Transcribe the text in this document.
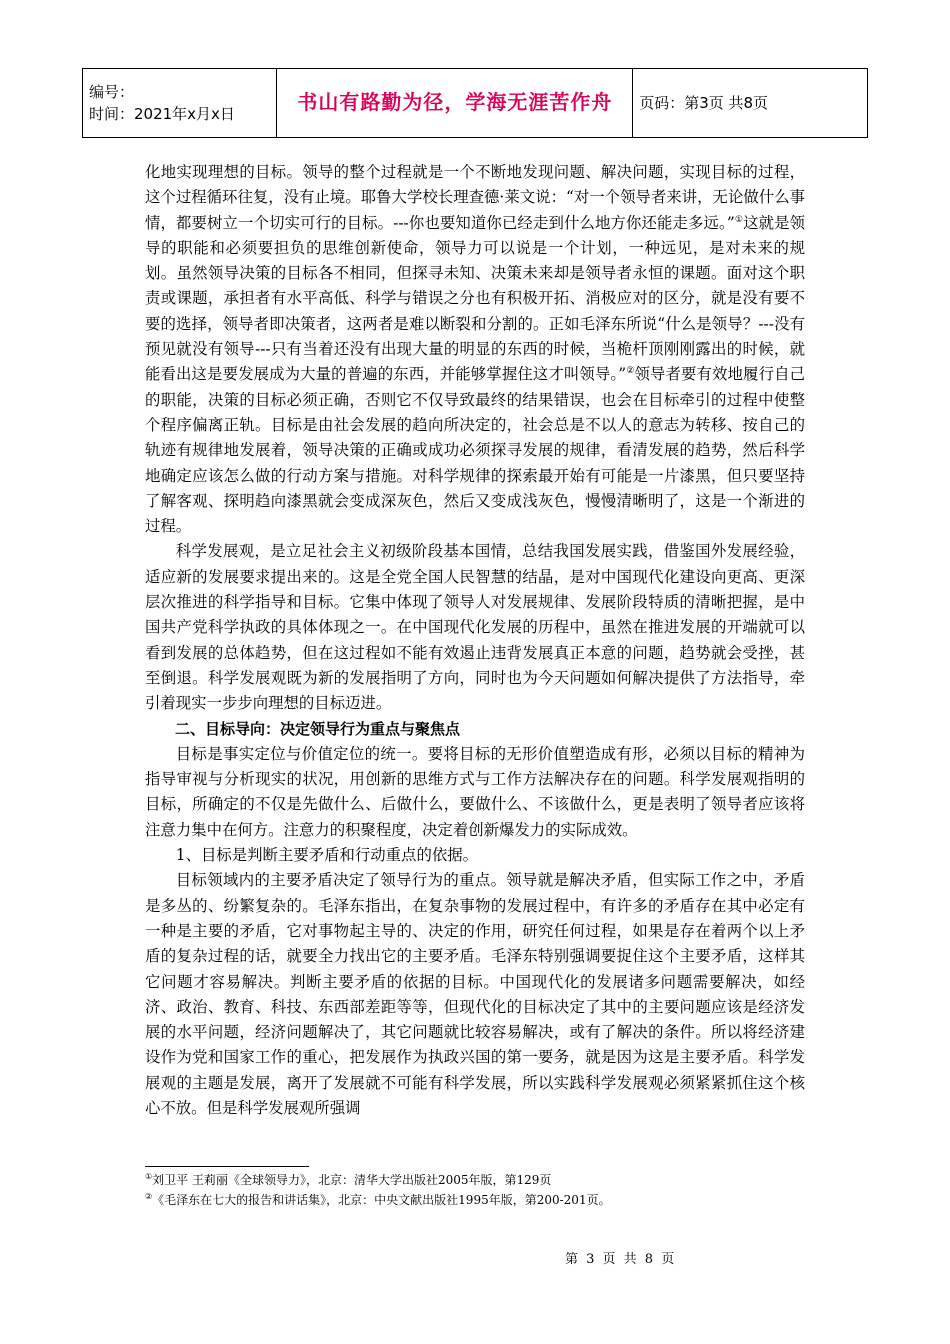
编号：
时间：2021年x月x日	书山有路勤为径，学海无涯苦作舟	页码：第3页 共8页

化地实现理想的目标。领导的整个过程就是一个不断地发现问题、解决问题，实现目标的过程，这个过程循环往复，没有止境。耶鲁大学校长理查德·莱文说：“对一个领导者来讲，无论做什么事情，都要树立一个切实可行的目标。---你也要知道你已经走到什么地方你还能走多远。”①这就是领导的职能和必须要担负的思维创新使命，领导力可以说是一个计划，一种远见，是对未来的规划。虽然领导决策的目标各不相同，但探寻未知、决策未来却是领导者永恒的课题。面对这个职责或课题，承担者有水平高低、科学与错误之分也有积极开拓、消极应对的区分，就是没有要不要的选择，领导者即决策者，这两者是难以断裂和分割的。正如毛泽东所说“什么是领导？---没有预见就没有领导---只有当着还没有出现大量的明显的东西的时候，当桅杆顶刚刚露出的时候，就能看出这是要发展成为大量的普遍的东西，并能够掌握住这才叫领导。”②领导者要有效地履行自己的职能，决策的目标必须正确，否则它不仅导致最终的结果错误，也会在目标牵引的过程中使整个程序偏离正轨。目标是由社会发展的趋向所决定的，社会总是不以人的意志为转移、按自己的轨迹有规律地发展着，领导决策的正确或成功必须探寻发展的规律，看清发展的趋势，然后科学地确定应该怎么做的行动方案与措施。对科学规律的探索最开始有可能是一片漆黑，但只要坚持了解客观、探明趋向漆黑就会变成深灰色，然后又变成浅灰色，慢慢清晰明了，这是一个渐进的过程。

科学发展观，是立足社会主义初级阶段基本国情，总结我国发展实践，借鉴国外发展经验，适应新的发展要求提出来的。这是全党全国人民智慧的结晶，是对中国现代化建设向更高、更深层次推进的科学指导和目标。它集中体现了领导人对发展规律、发展阶段特质的清晰把握，是中国共产党科学执政的具体体现之一。在中国现代化发展的历程中，虽然在推进发展的开端就可以看到发展的总体趋势，但在这过程如不能有效遏止违背发展真正本意的问题，趋势就会受挫，甚至倒退。科学发展观既为新的发展指明了方向，同时也为今天问题如何解决提供了方法指导，牵引着现实一步步向理想的目标迈进。

二、目标导向：决定领导行为重点与聚焦点

目标是事实定位与价值定位的统一。要将目标的无形价值塑造成有形，必须以目标的精神为指导审视与分析现实的状况，用创新的思维方式与工作方法解决存在的问题。科学发展观指明的目标，所确定的不仅是先做什么、后做什么，要做什么、不该做什么，更是表明了领导者应该将注意力集中在何方。注意力的积聚程度，决定着创新爆发力的实际成效。

1、目标是判断主要矛盾和行动重点的依据。

目标领域内的主要矛盾决定了领导行为的重点。领导就是解决矛盾，但实际工作之中，矛盾是多丛的、纷繁复杂的。毛泽东指出，在复杂事物的发展过程中，有许多的矛盾存在其中必定有一种是主要的矛盾，它对事物起主导的、决定的作用，研究任何过程，如果是存在着两个以上矛盾的复杂过程的话，就要全力找出它的主要矛盾。毛泽东特别强调要捉住这个主要矛盾，这样其它问题才容易解决。判断主要矛盾的依据的目标。中国现代化的发展诸多问题需要解决，如经济、政治、教育、科技、东西部差距等等，但现代化的目标决定了其中的主要问题应该是经济发展的水平问题，经济问题解决了，其它问题就比较容易解决，或有了解决的条件。所以将经济建设作为党和国家工作的重心，把发展作为执政兴国的第一要务，就是因为这是主要矛盾。科学发展观的主题是发展，离开了发展就不可能有科学发展，所以实践科学发展观必须紧紧抓住这个核心不放。但是科学发展观所强调

①刘卫平 王莉丽《全球领导力》，北京：清华大学出版社2005年版，第129页

②《毛泽东在七大的报告和讲话集》，北京：中央文献出版社1995年版，第200-201页。

第 3 页 共 8 页
